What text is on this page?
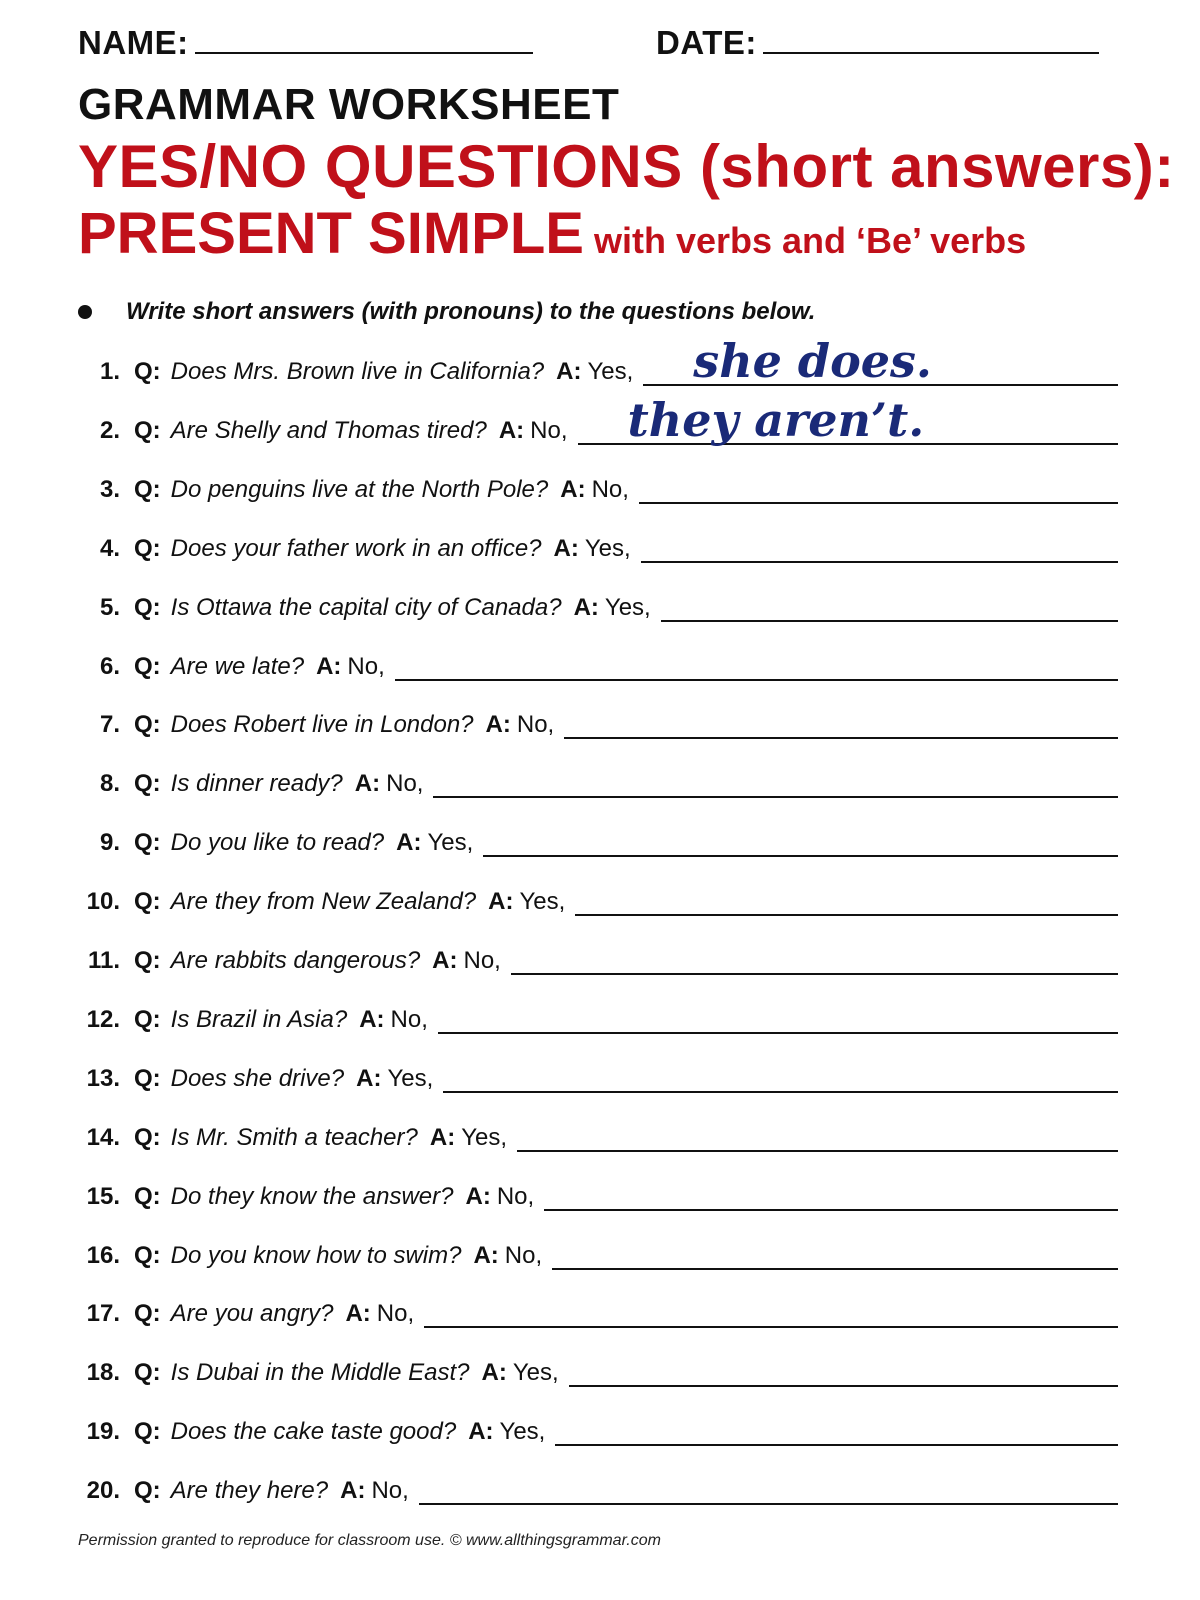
NAME:	DATE:
GRAMMAR WORKSHEET
YES/NO QUESTIONS (short answers):
PRESENT SIMPLE with verbs and ‘Be’ verbs
Write short answers (with pronouns) to the questions below.
1. Q: Does Mrs. Brown live in California? A: Yes, she does.
2. Q: Are Shelly and Thomas tired? A: No, they aren’t.
3. Q: Do penguins live at the North Pole? A: No,
4. Q: Does your father work in an office? A: Yes,
5. Q: Is Ottawa the capital city of Canada? A: Yes,
6. Q: Are we late? A: No,
7. Q: Does Robert live in London? A: No,
8. Q: Is dinner ready? A: No,
9. Q: Do you like to read? A: Yes,
10. Q: Are they from New Zealand? A: Yes,
11. Q: Are rabbits dangerous? A: No,
12. Q: Is Brazil in Asia? A: No,
13. Q: Does she drive? A: Yes,
14. Q: Is Mr. Smith a teacher? A: Yes,
15. Q: Do they know the answer? A: No,
16. Q: Do you know how to swim? A: No,
17. Q: Are you angry? A: No,
18. Q: Is Dubai in the Middle East? A: Yes,
19. Q: Does the cake taste good? A: Yes,
20. Q: Are they here? A: No,
Permission granted to reproduce for classroom use. © www.allthingsgrammar.com
